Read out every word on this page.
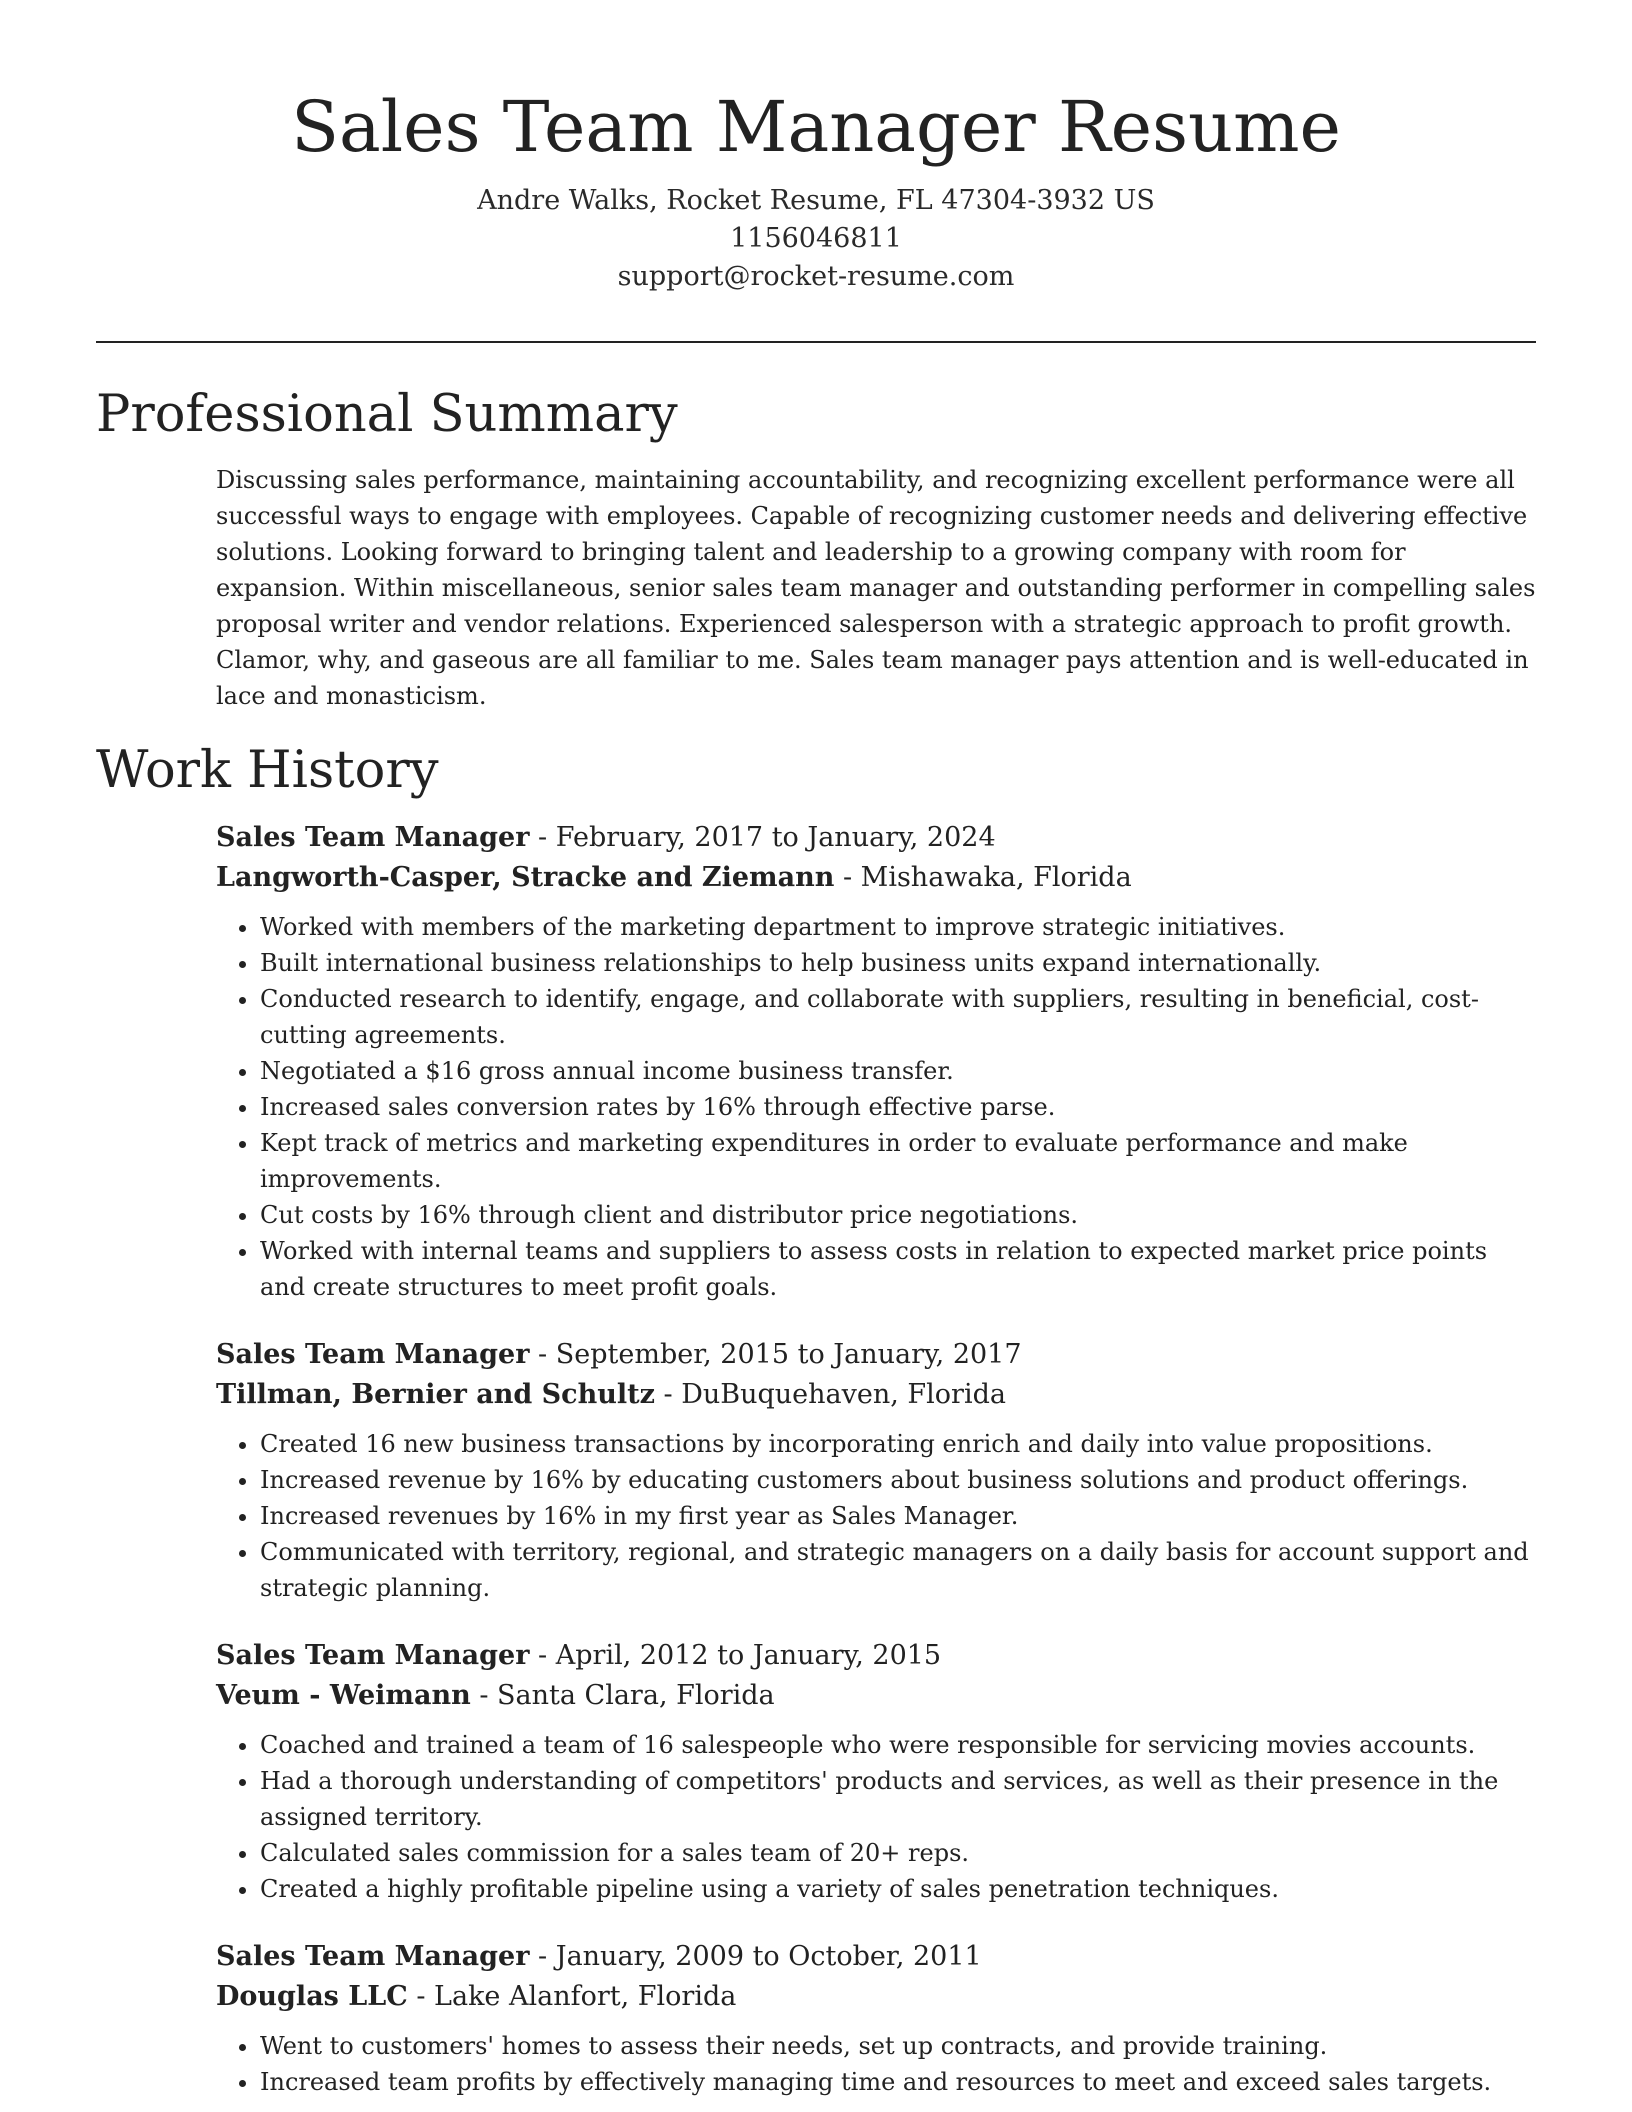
Sales Team Manager Resume
Andre Walks, Rocket Resume, FL 47304-3932 US
1156046811
support@rocket-resume.com
Professional Summary

Discussing sales performance, maintaining accountability, and recognizing excellent performance were all successful ways to engage with employees. Capable of recognizing customer needs and delivering effective solutions. Looking forward to bringing talent and leadership to a growing company with room for expansion. Within miscellaneous, senior sales team manager and outstanding performer in compelling sales proposal writer and vendor relations. Experienced salesperson with a strategic approach to profit growth. Clamor, why, and gaseous are all familiar to me. Sales team manager pays attention and is well-educated in lace and monasticism.

Work History
Sales Team Manager - February, 2017 to January, 2024
Langworth-Casper, Stracke and Ziemann - Mishawaka, Florida
• Worked with members of the marketing department to improve strategic initiatives.
• Built international business relationships to help business units expand internationally.
• Conducted research to identify, engage, and collaborate with suppliers, resulting in beneficial, cost-cutting agreements.
• Negotiated a $16 gross annual income business transfer.
• Increased sales conversion rates by 16% through effective parse.
• Kept track of metrics and marketing expenditures in order to evaluate performance and make improvements.
• Cut costs by 16% through client and distributor price negotiations.
• Worked with internal teams and suppliers to assess costs in relation to expected market price points and create structures to meet profit goals.
Sales Team Manager - September, 2015 to January, 2017
Tillman, Bernier and Schultz - DuBuquehaven, Florida
• Created 16 new business transactions by incorporating enrich and daily into value propositions.
• Increased revenue by 16% by educating customers about business solutions and product offerings.
• Increased revenues by 16% in my first year as Sales Manager.
• Communicated with territory, regional, and strategic managers on a daily basis for account support and strategic planning.
Sales Team Manager - April, 2012 to January, 2015
Veum - Weimann - Santa Clara, Florida
• Coached and trained a team of 16 salespeople who were responsible for servicing movies accounts.
• Had a thorough understanding of competitors' products and services, as well as their presence in the assigned territory.
• Calculated sales commission for a sales team of 20+ reps.
• Created a highly profitable pipeline using a variety of sales penetration techniques.
Sales Team Manager - January, 2009 to October, 2011
Douglas LLC - Lake Alanfort, Florida
• Went to customers' homes to assess their needs, set up contracts, and provide training.
• Increased team profits by effectively managing time and resources to meet and exceed sales targets.
